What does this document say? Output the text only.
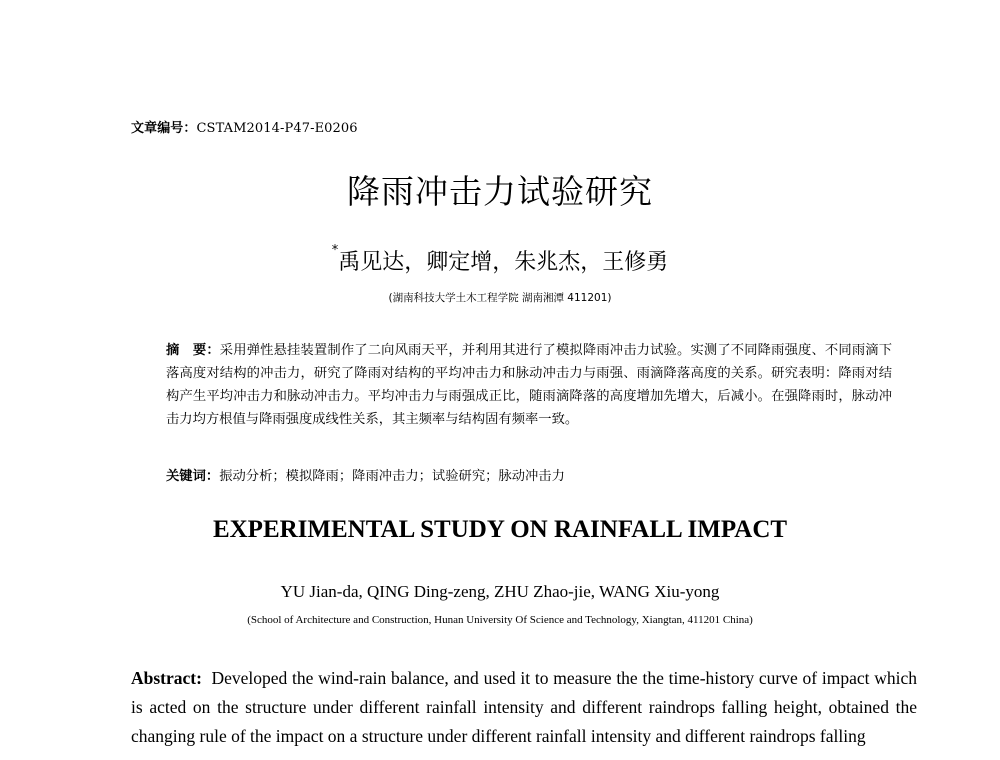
文章编号：CSTAM2014-P47-E0206
降雨冲击力试验研究
*禹见达，卿定增，朱兆杰，王修勇
(湖南科技大学土木工程学院 湖南湘潭 411201)
摘　要：采用弹性悬挂装置制作了二向风雨天平，并利用其进行了模拟降雨冲击力试验。实测了不同降雨强度、不同雨滴下落高度对结构的冲击力，研究了降雨对结构的平均冲击力和脉动冲击力与雨强、雨滴降落高度的关系。研究表明：降雨对结构产生平均冲击力和脉动冲击力。平均冲击力与雨强成正比，随雨滴降落的高度增加先增大，后减小。在强降雨时，脉动冲击力均方根值与降雨强度成线性关系，其主频率与结构固有频率一致。
关键词：振动分析；模拟降雨；降雨冲击力；试验研究；脉动冲击力
EXPERIMENTAL STUDY ON RAINFALL IMPACT
YU Jian-da, QING Ding-zeng, ZHU Zhao-jie, WANG Xiu-yong
(School of Architecture and Construction, Hunan University Of Science and Technology, Xiangtan, 411201 China)
Abstract: Developed the wind-rain balance, and used it to measure the the time-history curve of impact which is acted on the structure under different rainfall intensity and different raindrops falling height, obtained the changing rule of the impact on a structure under different rainfall intensity and different raindrops falling
